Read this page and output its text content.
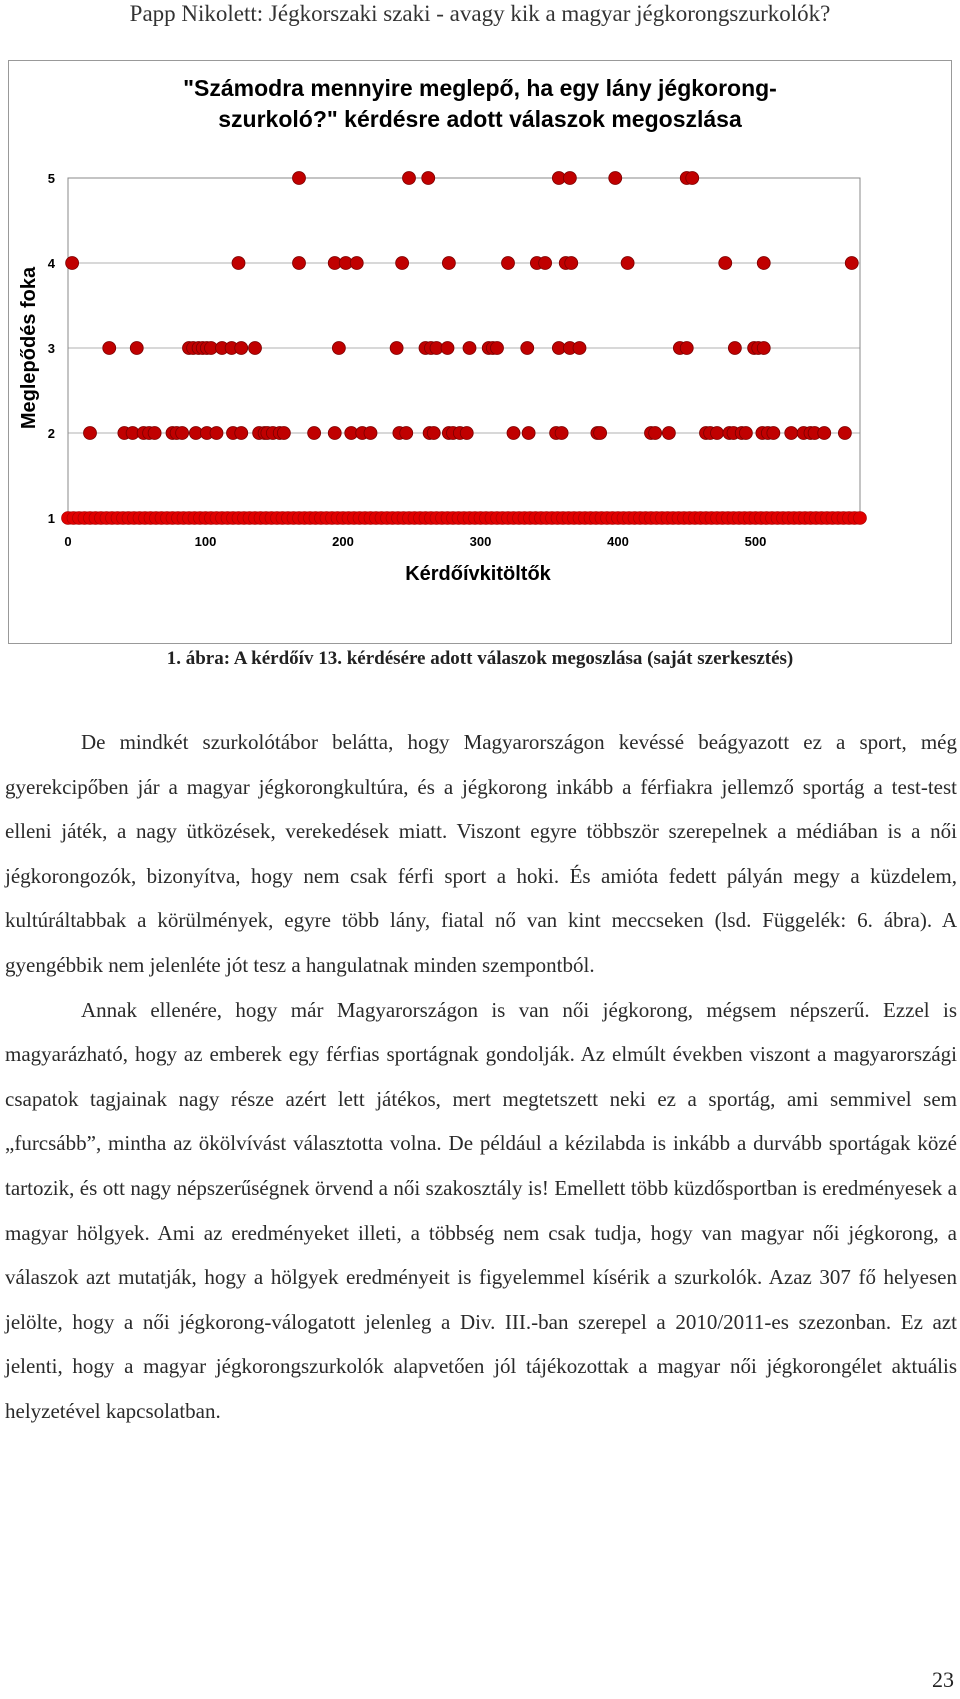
Papp Nikolett: Jégkorszaki szaki - avagy kik a magyar jégkorongszurkolók?
"Számodra mennyire meglepő, ha egy lány jégkorong-
szurkoló?" kérdésre adott válaszok megoszlása
1
2
3
4
5
0	100	200	300	400	500
Kérdőívkitöltők
Meglepődés foka
1. ábra: A kérdőív 13. kérdésére adott válaszok megoszlása (saját szerkesztés)

De mindkét szurkolótábor belátta, hogy Magyarországon kevéssé beágyazott ez a sport, még gyerekcipőben jár a magyar jégkorongkultúra, és a jégkorong inkább a férfiakra jellemző sportág a test-test elleni játék, a nagy ütközések, verekedések miatt. Viszont egyre többször szerepelnek a médiában is a női jégkorongozók, bizonyítva, hogy nem csak férfi sport a hoki. És amióta fedett pályán megy a küzdelem, kultúráltabbak a körülmények, egyre több lány, fiatal nő van kint meccseken (lsd. Függelék: 6. ábra). A gyengébbik nem jelenléte jót tesz a hangulatnak minden szempontból.

Annak ellenére, hogy már Magyarországon is van női jégkorong, mégsem népszerű. Ezzel is magyarázható, hogy az emberek egy férfias sportágnak gondolják. Az elmúlt években viszont a magyarországi csapatok tagjainak nagy része azért lett játékos, mert megtetszett neki ez a sportág, ami semmivel sem „furcsább”, mintha az ökölvívást választotta volna. De például a kézilabda is inkább a durvább sportágak közé tartozik, és ott nagy népszerűségnek örvend a női szakosztály is! Emellett több küzdősportban is eredményesek a magyar hölgyek. Ami az eredményeket illeti, a többség nem csak tudja, hogy van magyar női jégkorong, a válaszok azt mutatják, hogy a hölgyek eredményeit is figyelemmel kísérik a szurkolók. Azaz 307 fő helyesen jelölte, hogy a női jégkorong-válogatott jelenleg a Div. III.-ban szerepel a 2010/2011-es szezonban. Ez azt jelenti, hogy a magyar jégkorongszurkolók alapvetően jól tájékozottak a magyar női jégkorongélet aktuális helyzetével kapcsolatban.

23
